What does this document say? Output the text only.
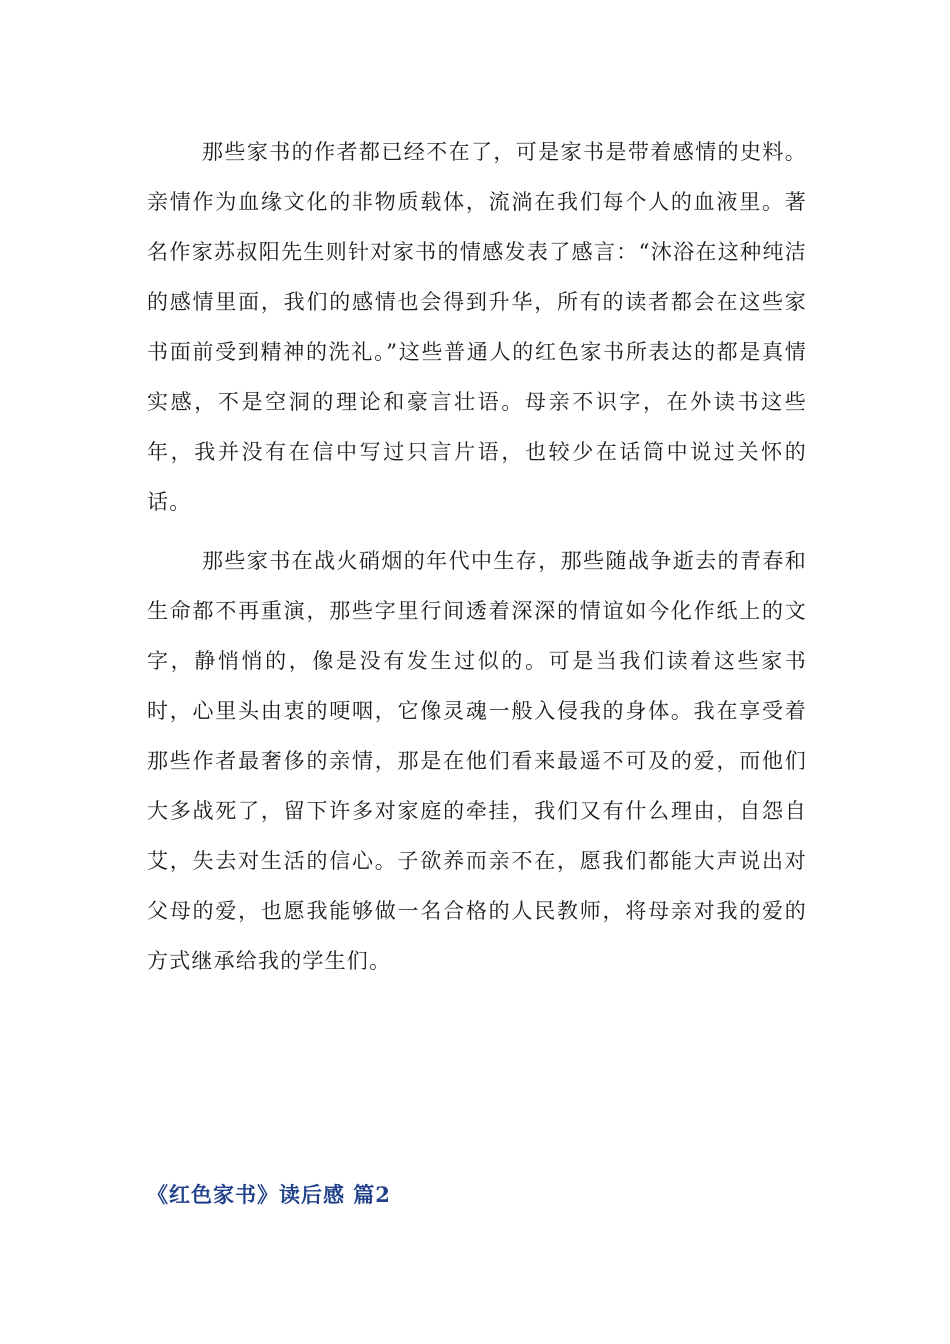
那些家书的作者都已经不在了，可是家书是带着感情的史料。亲情作为血缘文化的非物质载体，流淌在我们每个人的血液里。著名作家苏叔阳先生则针对家书的情感发表了感言：“沐浴在这种纯洁的感情里面，我们的感情也会得到升华，所有的读者都会在这些家书面前受到精神的洗礼。”这些普通人的红色家书所表达的都是真情实感，不是空洞的理论和豪言壮语。母亲不识字，在外读书这些年，我并没有在信中写过只言片语，也较少在话筒中说过关怀的话。

那些家书在战火硝烟的年代中生存，那些随战争逝去的青春和生命都不再重演，那些字里行间透着深深的情谊如今化作纸上的文字，静悄悄的，像是没有发生过似的。可是当我们读着这些家书时，心里头由衷的哽咽，它像灵魂一般入侵我的身体。我在享受着那些作者最奢侈的亲情，那是在他们看来最遥不可及的爱，而他们大多战死了，留下许多对家庭的牵挂，我们又有什么理由，自怨自艾，失去对生活的信心。子欲养而亲不在，愿我们都能大声说出对父母的爱，也愿我能够做一名合格的人民教师，将母亲对我的爱的方式继承给我的学生们。

《红色家书》读后感 篇2
